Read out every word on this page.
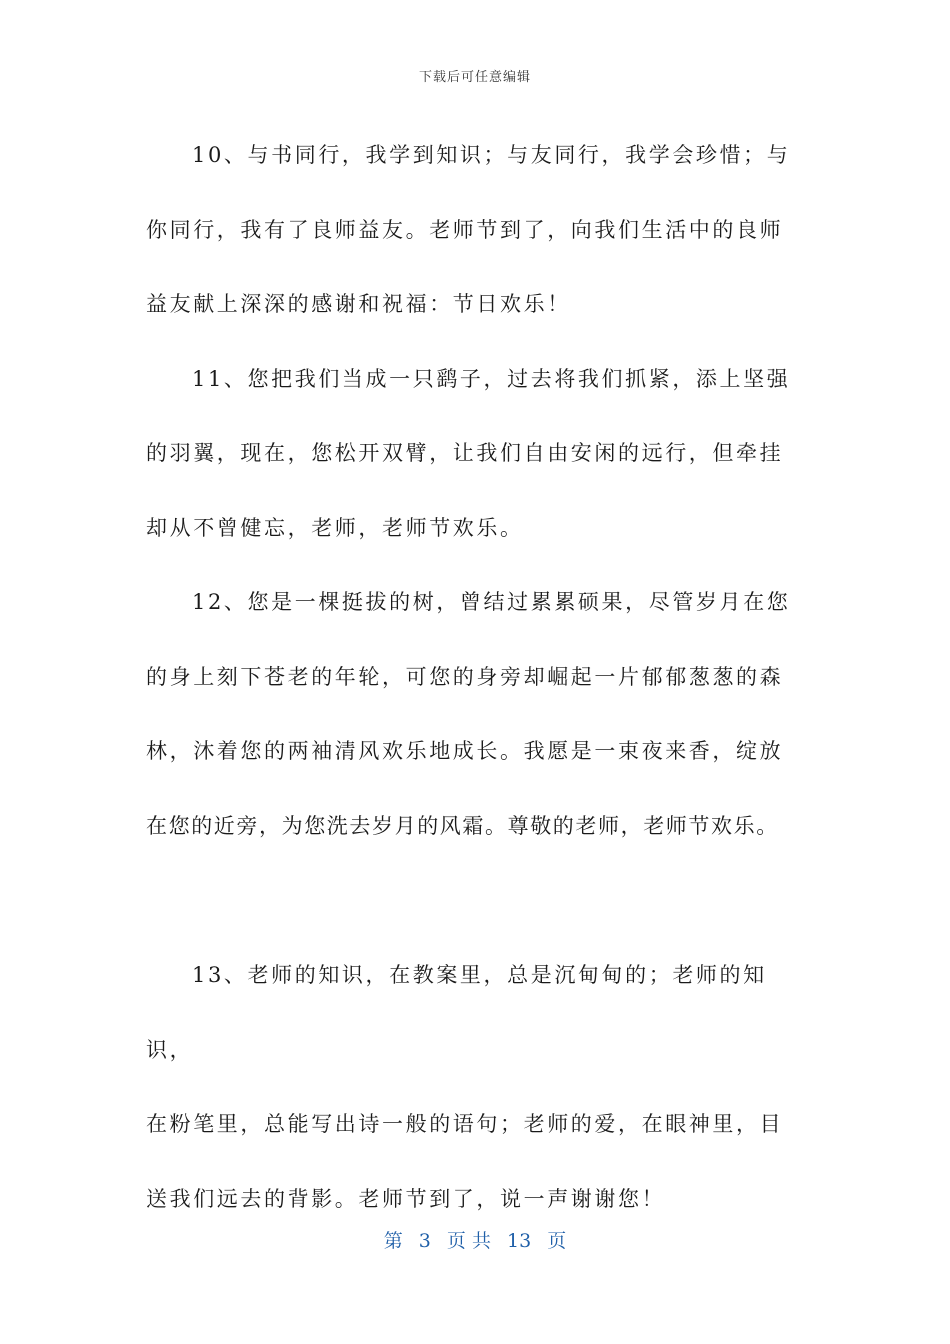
下载后可任意编辑
10、与书同行，我学到知识；与友同行，我学会珍惜；与
你同行，我有了良师益友。老师节到了，向我们生活中的良师
益友献上深深的感谢和祝福：节日欢乐！
11、您把我们当成一只鹞子，过去将我们抓紧，添上坚强
的羽翼，现在，您松开双臂，让我们自由安闲的远行，但牵挂
却从不曾健忘，老师，老师节欢乐。
12、您是一棵挺拔的树，曾结过累累硕果，尽管岁月在您
的身上刻下苍老的年轮，可您的身旁却崛起一片郁郁葱葱的森
林，沐着您的两袖清风欢乐地成长。我愿是一束夜来香，绽放
在您的近旁，为您洗去岁月的风霜。尊敬的老师，老师节欢乐。
13、老师的知识，在教案里，总是沉甸甸的；老师的知识，
在粉笔里，总能写出诗一般的语句；老师的爱，在眼神里，目
送我们远去的背影。老师节到了，说一声谢谢您！
第 3 页 共 13 页
